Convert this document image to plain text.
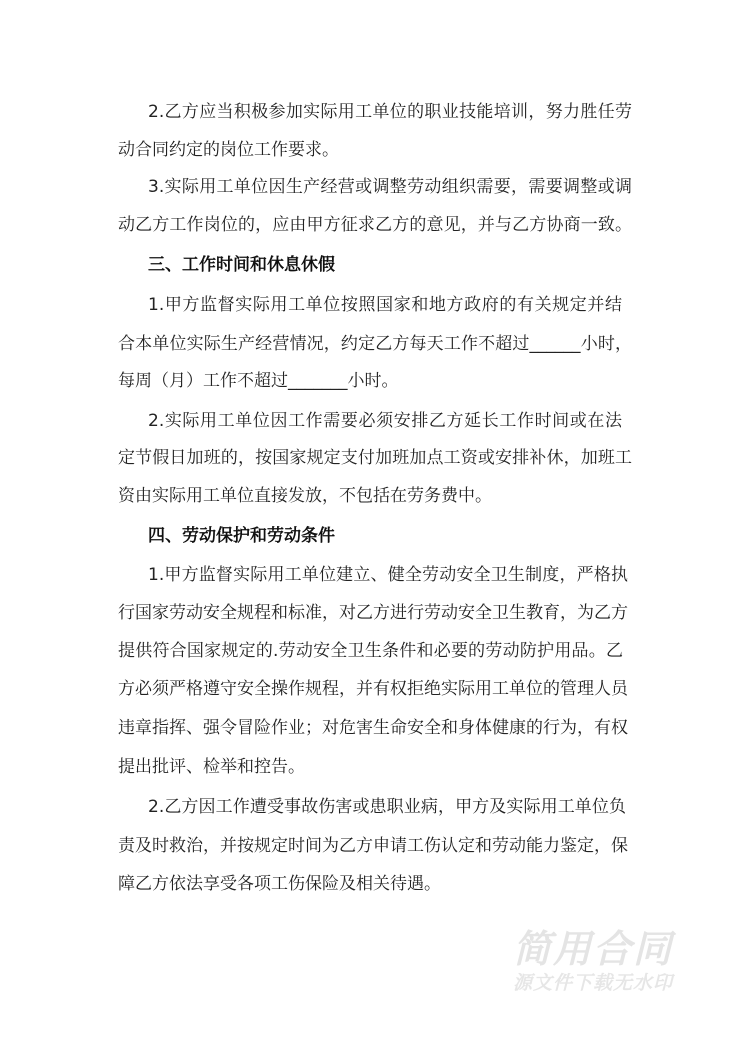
2.乙方应当积极参加实际用工单位的职业技能培训，努力胜任劳
动合同约定的岗位工作要求。
3.实际用工单位因生产经营或调整劳动组织需要，需要调整或调
动乙方工作岗位的，应由甲方征求乙方的意见，并与乙方协商一致。
三、工作时间和休息休假
1.甲方监督实际用工单位按照国家和地方政府的有关规定并结
合本单位实际生产经营情况，约定乙方每天工作不超过______小时，
每周（月）工作不超过_______小时。
2.实际用工单位因工作需要必须安排乙方延长工作时间或在法
定节假日加班的，按国家规定支付加班加点工资或安排补休，加班工
资由实际用工单位直接发放，不包括在劳务费中。
四、劳动保护和劳动条件
1.甲方监督实际用工单位建立、健全劳动安全卫生制度，严格执
行国家劳动安全规程和标准，对乙方进行劳动安全卫生教育，为乙方
提供符合国家规定的.劳动安全卫生条件和必要的劳动防护用品。乙
方必须严格遵守安全操作规程，并有权拒绝实际用工单位的管理人员
违章指挥、强令冒险作业；对危害生命安全和身体健康的行为，有权
提出批评、检举和控告。
2.乙方因工作遭受事故伤害或患职业病，甲方及实际用工单位负
责及时救治，并按规定时间为乙方申请工伤认定和劳动能力鉴定，保
障乙方依法享受各项工伤保险及相关待遇。
简用合同
源文件下载无水印
